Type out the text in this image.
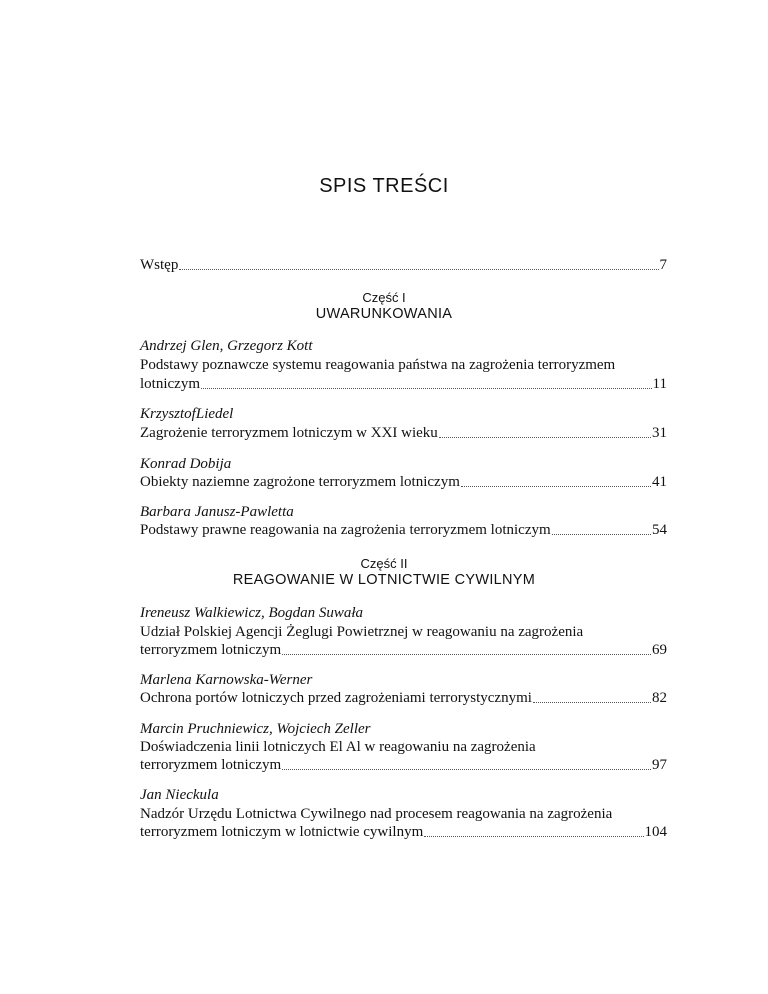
SPIS TREŚCI
Wstęp	7
Andrzej Glen, Grzegorz Kott
Podstawy poznawcze systemu reagowania państwa na zagrożenia terroryzmem
lotniczym	11
KrzysztofLiedel
Zagrożenie terroryzmem lotniczym w XXI wieku	31
Konrad Dobija
Obiekty naziemne zagrożone terroryzmem lotniczym	41
Barbara Janusz-Pawletta
Podstawy prawne reagowania na zagrożenia terroryzmem lotniczym	54
Ireneusz Walkiewicz, Bogdan Suwała
Udział Polskiej Agencji Żeglugi Powietrznej w reagowaniu na zagrożenia
terroryzmem lotniczym	69
Marlena Karnowska-Werner
Ochrona portów lotniczych przed zagrożeniami terrorystycznymi	82
Marcin Pruchniewicz, Wojciech Zeller
Doświadczenia linii lotniczych El Al w reagowaniu na zagrożenia
terroryzmem lotniczym	97
Jan Nieckula
Nadzór Urzędu Lotnictwa Cywilnego nad procesem reagowania na zagrożenia
terroryzmem lotniczym w lotnictwie cywilnym	104
Część I
UWARUNKOWANIA
Część II
REAGOWANIE W LOTNICTWIE CYWILNYM
